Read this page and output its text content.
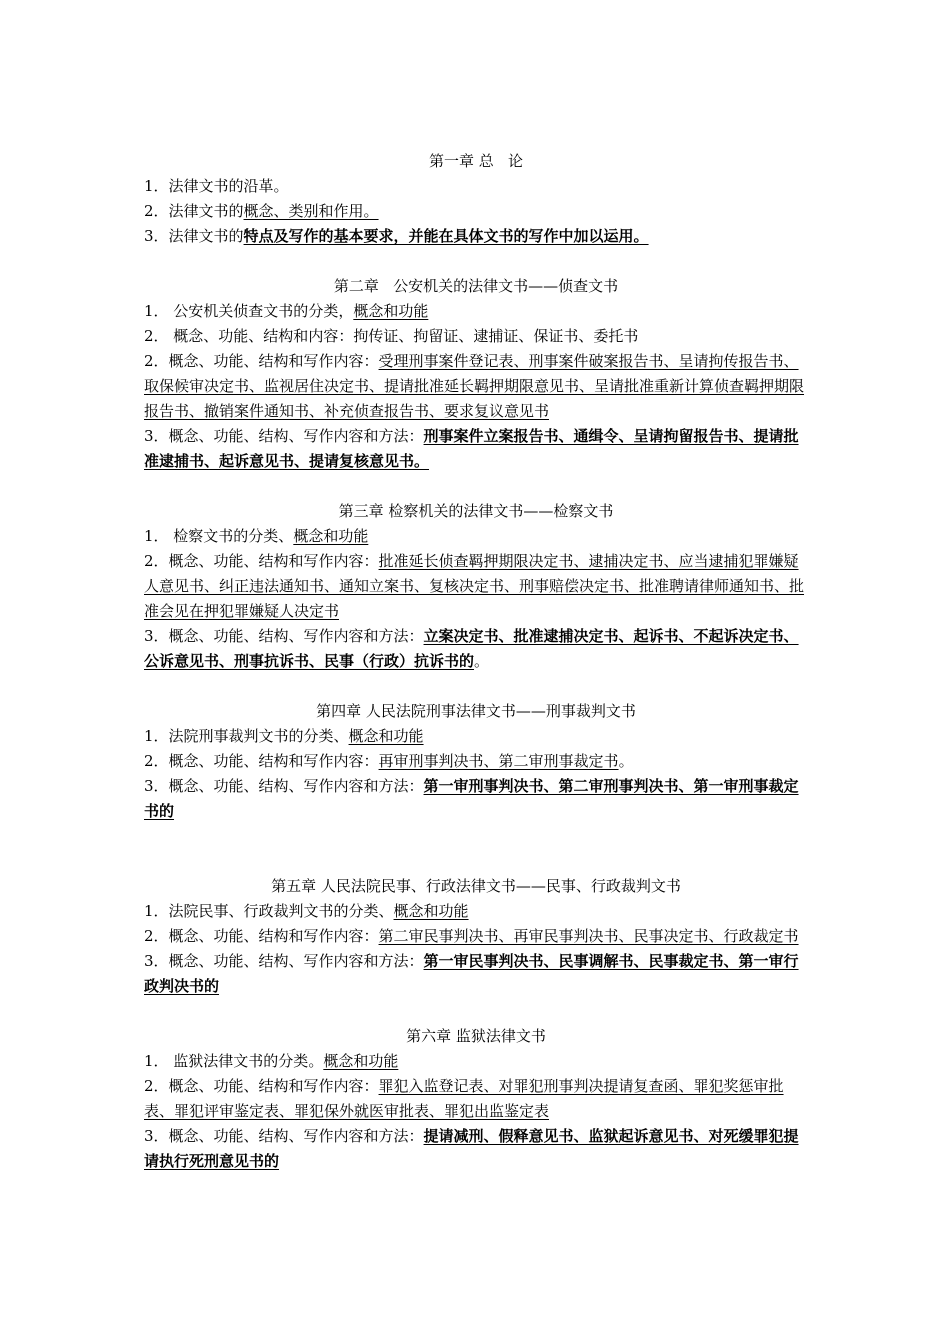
第一章 总   论
1．法律文书的沿革。
2．法律文书的概念、类别和作用。
3．法律文书的特点及写作的基本要求，并能在具体文书的写作中加以运用。
第二章   公安机关的法律文书——侦查文书
1． 公安机关侦查文书的分类，概念和功能
2． 概念、功能、结构和内容：拘传证、拘留证、逮捕证、保证书、委托书
2．概念、功能、结构和写作内容：受理刑事案件登记表、刑事案件破案报告书、呈请拘传报告书、取保候审决定书、监视居住决定书、提请批准延长羁押期限意见书、呈请批准重新计算侦查羁押期限报告书、撤销案件通知书、补充侦查报告书、要求复议意见书
3．概念、功能、结构、写作内容和方法：刑事案件立案报告书、通缉令、呈请拘留报告书、提请批准逮捕书、起诉意见书、提请复核意见书。
第三章 检察机关的法律文书——检察文书
1． 检察文书的分类、概念和功能
2．概念、功能、结构和写作内容：批准延长侦查羁押期限决定书、逮捕决定书、应当逮捕犯罪嫌疑人意见书、纠正违法通知书、通知立案书、复核决定书、刑事赔偿决定书、批准聘请律师通知书、批准会见在押犯罪嫌疑人决定书
3．概念、功能、结构、写作内容和方法：立案决定书、批准逮捕决定书、起诉书、不起诉决定书、公诉意见书、刑事抗诉书、民事（行政）抗诉书的。
第四章 人民法院刑事法律文书——刑事裁判文书
1．法院刑事裁判文书的分类、概念和功能
2．概念、功能、结构和写作内容：再审刑事判决书、第二审刑事裁定书。
3．概念、功能、结构、写作内容和方法：第一审刑事判决书、第二审刑事判决书、第一审刑事裁定书的
第五章 人民法院民事、行政法律文书——民事、行政裁判文书
1．法院民事、行政裁判文书的分类、概念和功能
2．概念、功能、结构和写作内容：第二审民事判决书、再审民事判决书、民事决定书、行政裁定书
3．概念、功能、结构、写作内容和方法：第一审民事判决书、民事调解书、民事裁定书、第一审行政判决书的
第六章 监狱法律文书
1． 监狱法律文书的分类。概念和功能
2．概念、功能、结构和写作内容：罪犯入监登记表、对罪犯刑事判决提请复查函、罪犯奖惩审批表、罪犯评审鉴定表、罪犯保外就医审批表、罪犯出监鉴定表
3．概念、功能、结构、写作内容和方法：提请减刑、假释意见书、监狱起诉意见书、对死缓罪犯提请执行死刑意见书的
